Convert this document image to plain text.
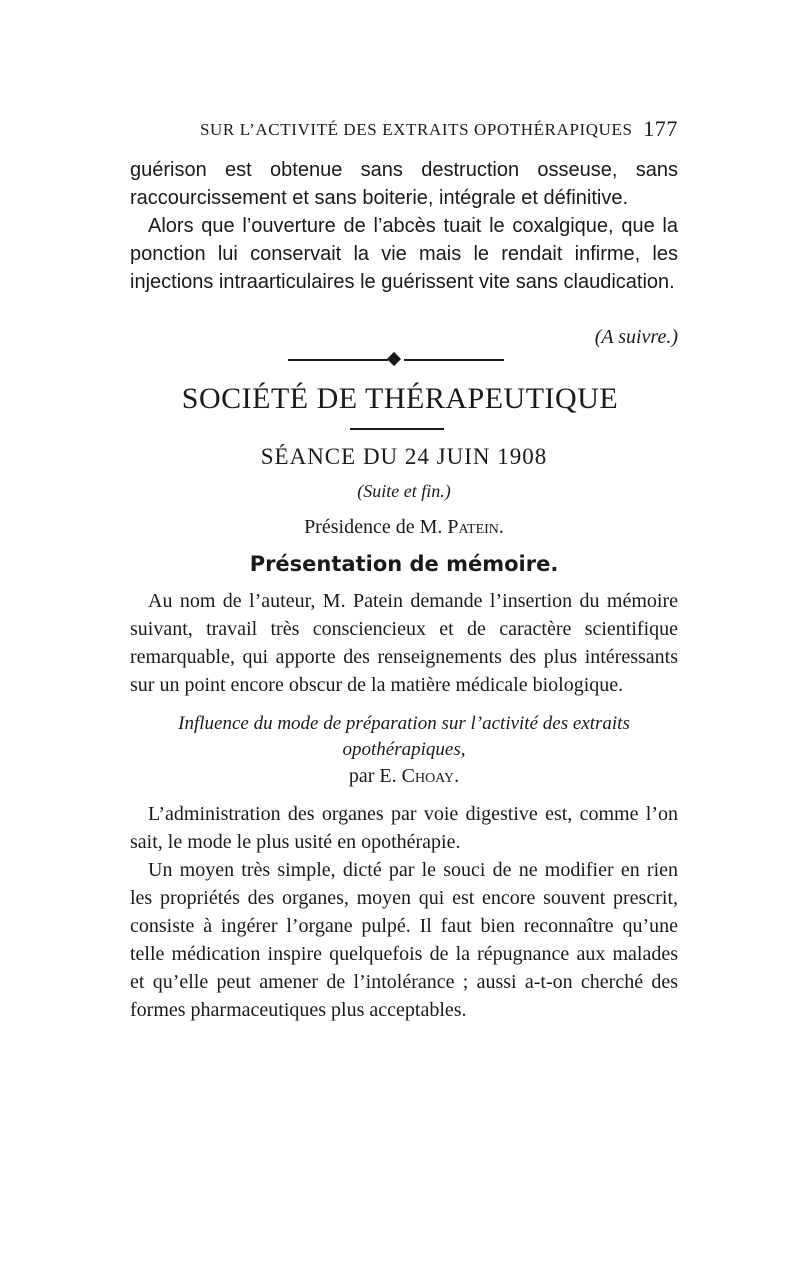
SUR L’ACTIVITÉ DES EXTRAITS OPOTHÉRAPIQUES 177

guérison est obtenue sans destruction osseuse, sans raccourcissement et sans boiterie, intégrale et définitive.

Alors que l’ouverture de l’abcès tuait le coxalgique, que la ponction lui conservait la vie mais le rendait infirme, les injections intraarticulaires le guérissent vite sans claudication.

(A suivre.)
SOCIÉTÉ DE THÉRAPEUTIQUE
SÉANCE DU 24 JUIN 1908
(Suite et fin.)
Présidence de M. Patein.
Présentation de mémoire.

Au nom de l’auteur, M. Patein demande l’insertion du mémoire suivant, travail très consciencieux et de caractère scientifique remarquable, qui apporte des renseignements des plus intéressants sur un point encore obscur de la matière médicale biologique.

Influence du mode de préparation sur l’activité des extraits
opothérapiques,
par E. Choay.

L’administration des organes par voie digestive est, comme l’on sait, le mode le plus usité en opothérapie.

Un moyen très simple, dicté par le souci de ne modifier en rien les propriétés des organes, moyen qui est encore souvent prescrit, consiste à ingérer l’organe pulpé. Il faut bien reconnaître qu’une telle médication inspire quelquefois de la répugnance aux malades et qu’elle peut amener de l’intolérance ; aussi a-t-on cherché des formes pharmaceutiques plus acceptables.
